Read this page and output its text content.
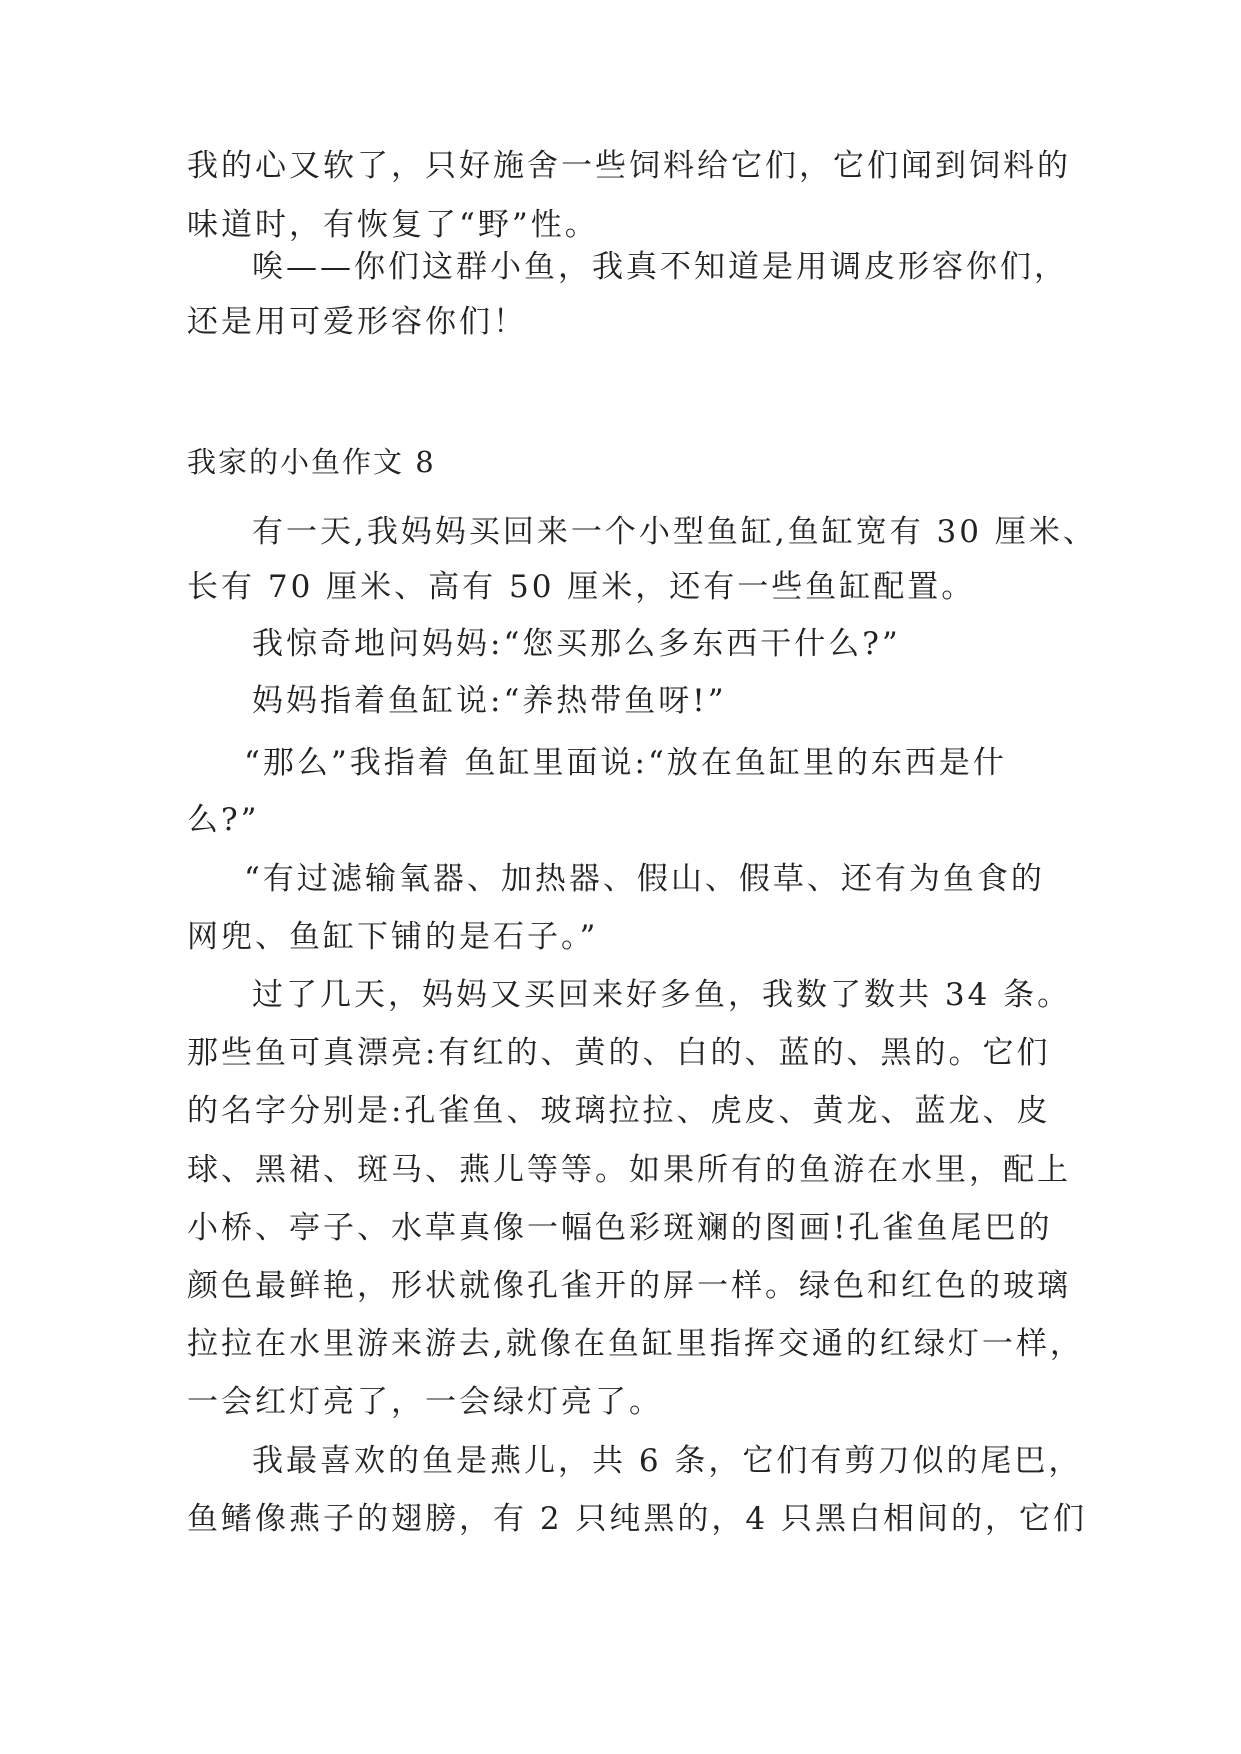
我的心又软了，只好施舍一些饲料给它们，它们闻到饲料的
味道时，有恢复了“野”性。
唉——你们这群小鱼，我真不知道是用调皮形容你们，
还是用可爱形容你们！
我家的小鱼作文 8
有一天,我妈妈买回来一个小型鱼缸,鱼缸宽有 30 厘米、
长有 70 厘米、高有 50 厘米，还有一些鱼缸配置。
我惊奇地问妈妈:“您买那么多东西干什么?”
妈妈指着鱼缸说:“养热带鱼呀!”
“那么”我指着 鱼缸里面说:“放在鱼缸里的东西是什
么?”
“有过滤输氧器、加热器、假山、假草、还有为鱼食的
网兜、鱼缸下铺的是石子。”
过了几天，妈妈又买回来好多鱼，我数了数共 34 条。
那些鱼可真漂亮:有红的、黄的、白的、蓝的、黑的。它们
的名字分别是:孔雀鱼、玻璃拉拉、虎皮、黄龙、蓝龙、皮
球、黑裙、斑马、燕儿等等。如果所有的鱼游在水里，配上
小桥、亭子、水草真像一幅色彩斑斓的图画!孔雀鱼尾巴的
颜色最鲜艳，形状就像孔雀开的屏一样。绿色和红色的玻璃
拉拉在水里游来游去,就像在鱼缸里指挥交通的红绿灯一样，
一会红灯亮了，一会绿灯亮了。
我最喜欢的鱼是燕儿，共 6 条，它们有剪刀似的尾巴，
鱼鳍像燕子的翅膀，有 2 只纯黑的，4 只黑白相间的，它们
